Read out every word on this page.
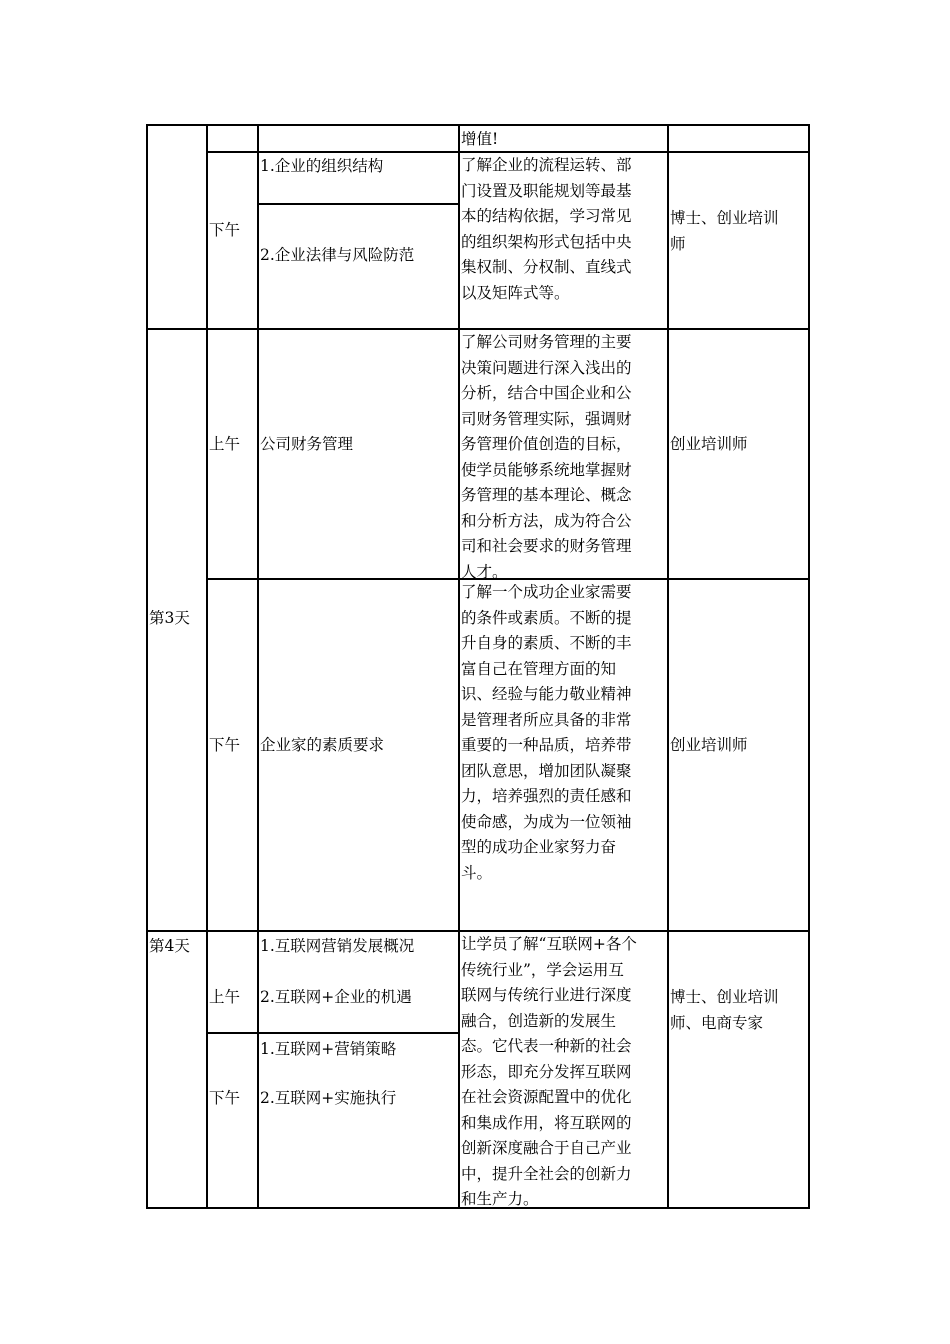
增值!
下午
1.企业的组织结构
2.企业法律与风险防范
了解企业的流程运转、部
门设置及职能规划等最基
本的结构依据，学习常见
的组织架构形式包括中央
集权制、分权制、直线式
以及矩阵式等。
博士、创业培训
师
第3天
上午 公司财务管理
了解公司财务管理的主要
决策问题进行深入浅出的
分析，结合中国企业和公
司财务管理实际，强调财
务管理价值创造的目标，
使学员能够系统地掌握财
务管理的基本理论、概念
和分析方法，成为符合公
司和社会要求的财务管理
人才。
创业培训师
下午 企业家的素质要求
了解一个成功企业家需要
的条件或素质。不断的提
升自身的素质、不断的丰
富自己在管理方面的知
识、经验与能力敬业精神
是管理者所应具备的非常
重要的一种品质，培养带
团队意思，增加团队凝聚
力，培养强烈的责任感和
使命感，为成为一位领袖
型的成功企业家努力奋
斗。
创业培训师
第4天
上午
1.互联网营销发展概况
2.互联网+企业的机遇
下午
1.互联网+营销策略
2.互联网+实施执行
让学员了解“互联网+各个
传统行业”，学会运用互
联网与传统行业进行深度
融合，创造新的发展生
态。它代表一种新的社会
形态，即充分发挥互联网
在社会资源配置中的优化
和集成作用，将互联网的
创新深度融合于自己产业
中，提升全社会的创新力
和生产力。
博士、创业培训
师、电商专家
